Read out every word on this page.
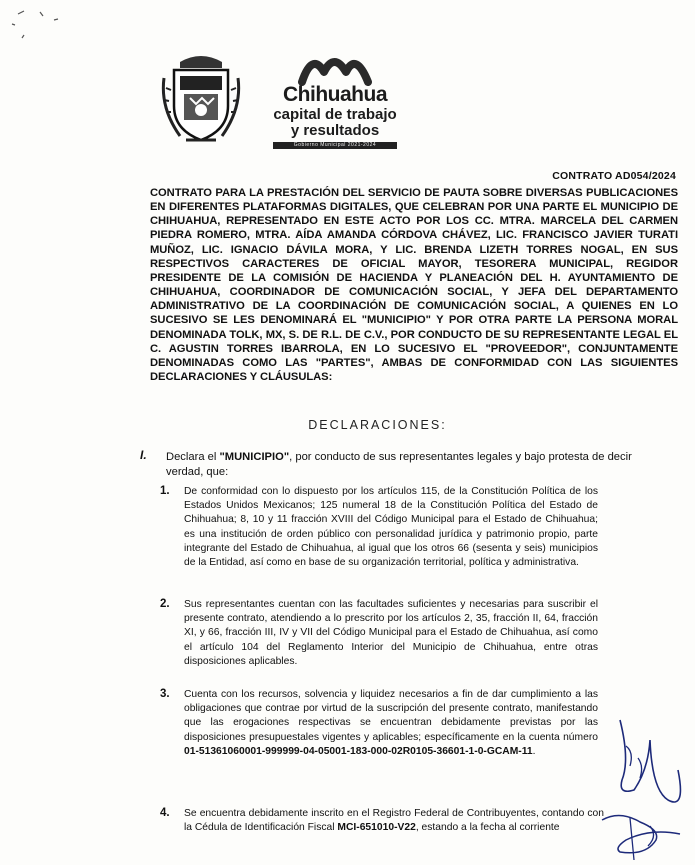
Chihuahua
capital de trabajo
y resultados
Gobierno Municipal 2021-2024
CONTRATO AD054/2024
CONTRATO PARA LA PRESTACIÓN DEL SERVICIO DE PAUTA SOBRE DIVERSAS PUBLICACIONES EN DIFERENTES PLATAFORMAS DIGITALES, QUE CELEBRAN POR UNA PARTE EL MUNICIPIO DE CHIHUAHUA, REPRESENTADO EN ESTE ACTO POR LOS CC. MTRA. MARCELA DEL CARMEN PIEDRA ROMERO, MTRA. AÍDA AMANDA CÓRDOVA CHÁVEZ, LIC. FRANCISCO JAVIER TURATI MUÑOZ, LIC. IGNACIO DÁVILA MORA, Y LIC. BRENDA LIZETH TORRES NOGAL, EN SUS RESPECTIVOS CARACTERES DE OFICIAL MAYOR, TESORERA MUNICIPAL, REGIDOR PRESIDENTE DE LA COMISIÓN DE HACIENDA Y PLANEACIÓN DEL H. AYUNTAMIENTO DE CHIHUAHUA, COORDINADOR DE COMUNICACIÓN SOCIAL, Y JEFA DEL DEPARTAMENTO ADMINISTRATIVO DE LA COORDINACIÓN DE COMUNICACIÓN SOCIAL, A QUIENES EN LO SUCESIVO SE LES DENOMINARÁ EL "MUNICIPIO" Y POR OTRA PARTE LA PERSONA MORAL DENOMINADA TOLK, MX, S. DE R.L. DE C.V., POR CONDUCTO DE SU REPRESENTANTE LEGAL EL C. AGUSTIN TORRES IBARROLA, EN LO SUCESIVO EL "PROVEEDOR", CONJUNTAMENTE DENOMINADAS COMO LAS "PARTES", AMBAS DE CONFORMIDAD CON LAS SIGUIENTES DECLARACIONES Y CLÁUSULAS:
DECLARACIONES:
I.	Declara el "MUNICIPIO", por conducto de sus representantes legales y bajo protesta de decir verdad, que:
1. De conformidad con lo dispuesto por los artículos 115, de la Constitución Política de los Estados Unidos Mexicanos; 125 numeral 18 de la Constitución Política del Estado de Chihuahua; 8, 10 y 11 fracción XVIII del Código Municipal para el Estado de Chihuahua; es una institución de orden público con personalidad jurídica y patrimonio propio, parte integrante del Estado de Chihuahua, al igual que los otros 66 (sesenta y seis) municipios de la Entidad, así como en base de su organización territorial, política y administrativa.
2. Sus representantes cuentan con las facultades suficientes y necesarias para suscribir el presente contrato, atendiendo a lo prescrito por los artículos 2, 35, fracción II, 64, fracción XI, y 66, fracción III, IV y VII del Código Municipal para el Estado de Chihuahua, así como el artículo 104 del Reglamento Interior del Municipio de Chihuahua, entre otras disposiciones aplicables.
3. Cuenta con los recursos, solvencia y liquidez necesarios a fin de dar cumplimiento a las obligaciones que contrae por virtud de la suscripción del presente contrato, manifestando que las erogaciones respectivas se encuentran debidamente previstas por las disposiciones presupuestales vigentes y aplicables; específicamente en la cuenta número 01-51361060001-999999-04-05001-183-000-02R0105-36601-1-0-GCAM-11.
4. Se encuentra debidamente inscrito en el Registro Federal de Contribuyentes, contando con la Cédula de Identificación Fiscal MCI-651010-V22, estando a la fecha al corriente
